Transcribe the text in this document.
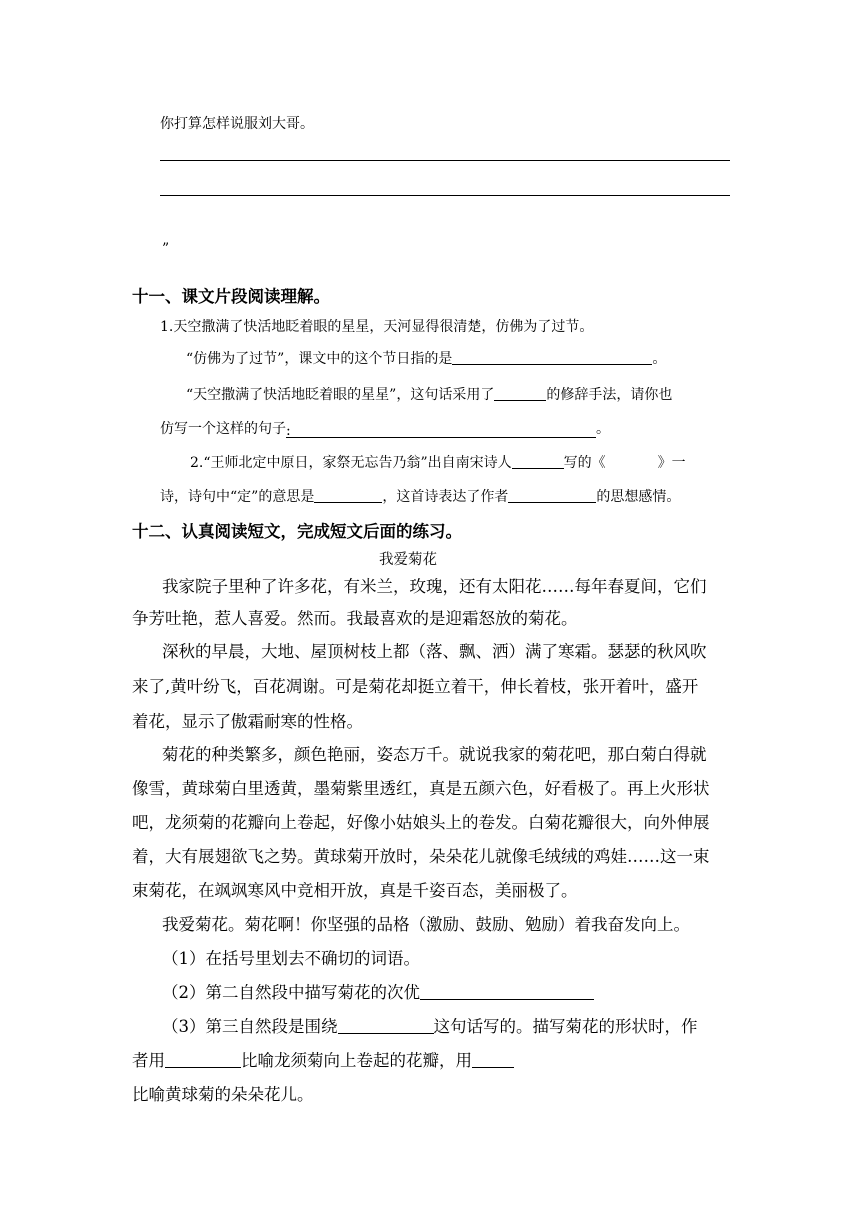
你打算怎样说服刘大哥。
”
十一、课文片段阅读理解。
1.天空撒满了快活地眨着眼的星星，天河显得很清楚，仿佛为了过节。
“仿佛为了过节”，课文中的这个节日指的是	。
“天空撒满了快活地眨着眼的星星”，这句话采用了	的修辞手法，请你也
仿写一个这样的句子:	。
2.“王师北定中原日，家祭无忘告乃翁”出自南宋诗人	写的《	》一
诗，诗句中“定”的意思是	，这首诗表达了作者	的思想感情。
十二、认真阅读短文，完成短文后面的练习。
我爱菊花
我家院子里种了许多花，有米兰，玫瑰，还有太阳花……每年春夏间，它们
争芳吐艳，惹人喜爱。然而。我最喜欢的是迎霜怒放的菊花。
深秋的早晨，大地、屋顶树枝上都（落、飘、洒）满了寒霜。瑟瑟的秋风吹
来了,黄叶纷飞，百花凋谢。可是菊花却挺立着干，伸长着枝，张开着叶，盛开
着花，显示了傲霜耐寒的性格。
菊花的种类繁多，颜色艳丽，姿态万千。就说我家的菊花吧，那白菊白得就
像雪，黄球菊白里透黄，墨菊紫里透红，真是五颜六色，好看极了。再上火形状
吧，龙须菊的花瓣向上卷起，好像小姑娘头上的卷发。白菊花瓣很大，向外伸展
着，大有展翅欲飞之势。黄球菊开放时，朵朵花儿就像毛绒绒的鸡娃……这一束
束菊花，在飒飒寒风中竞相开放，真是千姿百态，美丽极了。
我爱菊花。菊花啊！你坚强的品格（激励、鼓励、勉励）着我奋发向上。
（1）在括号里划去不确切的词语。
（2）第二自然段中描写菊花的次优
（3）第三自然段是围绕	这句话写的。描写菊花的形状时，作
者用	比喻龙须菊向上卷起的花瓣，用
比喻黄球菊的朵朵花儿。
